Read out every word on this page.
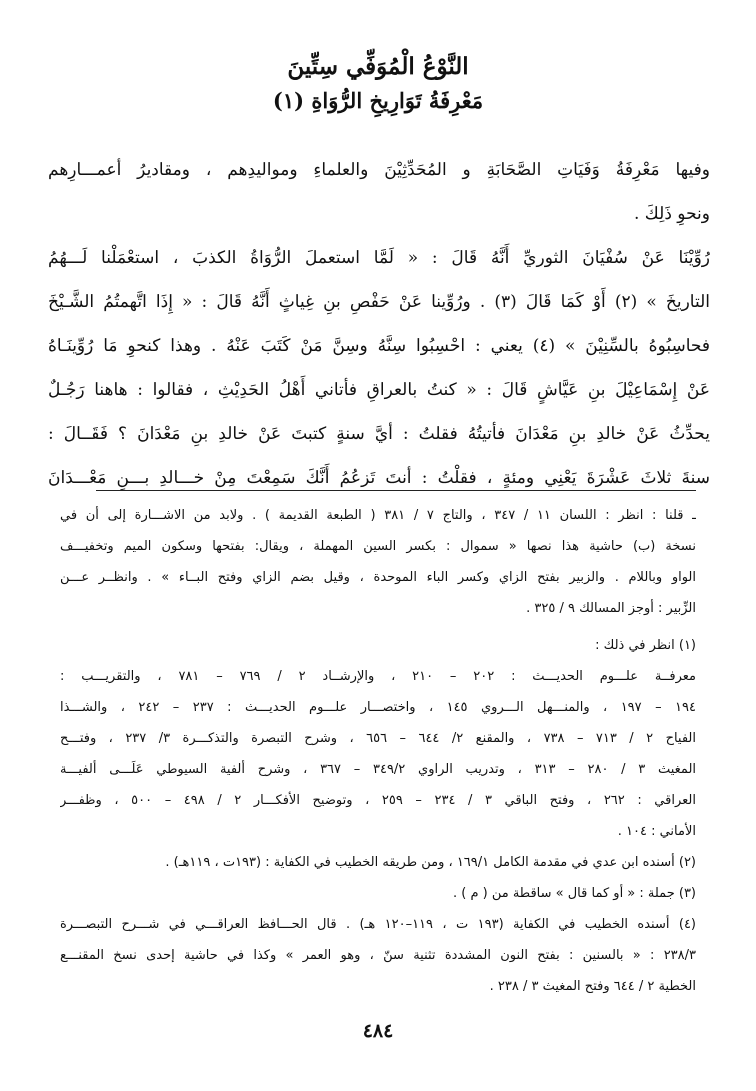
النَّوْعُ الْمُوَفِّي سِتِّينَ
مَعْرِفَةُ تَوَارِيخِ الرُّوَاةِ (١)
وفيها مَعْرِفَةُ وَفَيَاتِ الصَّحَابَةِ و المُحَدِّثِيْنَ والعلماءِ ومواليدِهم ، ومقاديرُ أعمـــارِهم
ونحوِ ذَلِكَ .
رُوِّيْنَا عَنْ سُفْيَانَ الثوريِّ أَنَّهُ قَالَ : « لَمَّا استعملَ الرُّوَاةُ الكذبَ ، استعْمَلْنا لَـــهُمُ
التاريخَ » (٢) أَوْ كَمَا قَالَ (٣) . ورُوِّينا عَنْ حَفْصِ بنِ غِياثٍ أَنَّهُ قَالَ : « إِذَا اتَّهمتُمُ الشَّـيْخَ
فحاسِبُوهُ بالسِّنِيْنَ » (٤) يعني : احْسِبُوا سِنَّهُ وسِنَّ مَنْ كَتَبَ عَنْهُ . وهذا كنحوِ مَا رُوِّينَـاهُ
عَنْ إِسْمَاعِيْلَ بنِ عَيَّاشٍ قَالَ : « كنتُ بالعراقِ فأتاني أَهْلُ الحَدِيْثِ ، فقالوا : هاهنا رَجُـلٌ
يحدِّثُ عَنْ خالدِ بنِ مَعْدَانَ فأتيتُهُ فقلتُ : أيَّ سنةٍ كتبتَ عَنْ خالدِ بنِ مَعْدَانَ ؟ فَقَــالَ :
سنةَ ثلاثَ عَشْرَةَ يَعْنِي ومئةٍ ، فقلْتُ : أنتَ تَزعُمُ أَنَّكَ سَمِعْتَ مِنْ خـــالدِ بـــنِ مَعْـــدَانَ
ـ قلنا : انظر : اللسان ١١ / ٣٤٧ ، والتاج ٧ / ٣٨١ ( الطبعة القديمة ) . ولابد من الاشـــارة إلى أن في
نسخة (ب) حاشية هذا نصها « سموال : بكسر السين المهملة ، ويقال: بفتحها وسكون الميم وتخفيـــف
الواو وباللام . والزبير بفتح الزاي وكسر الباء الموحدة ، وقيل بضم الزاي وفتح البــاء » . وانظــر عـــن
الزِّبير : أوجز المسالك ٩ / ٣٢٥ .
(١) انظر في ذلك :
معرفــة علـــوم الحديـــث : ٢٠٢ – ٢١٠ ، والإرشــاد ٢ / ٧٦٩ – ٧٨١ ، والتقريـــب :
١٩٤ – ١٩٧ ، والمنـــهل الـــروي ١٤٥ ، واختصـــار علـــوم الحديـــث : ٢٣٧ – ٢٤٢ ، والشـــذا
الفياح ٢ / ٧١٣ – ٧٣٨ ، والمقنع ٢/ ٦٤٤ – ٦٥٦ ، وشرح التبصرة والتذكـــرة ٣/ ٢٣٧ ، وفتـــح
المغيث ٣ / ٢٨٠ – ٣١٣ ، وتدريب الراوي ٣٤٩/٢ – ٣٦٧ ، وشرح ألفية السيوطي عَلَـــى ألفيـــة
العراقي : ٢٦٢ ، وفتح الباقي ٣ / ٢٣٤ – ٢٥٩ ، وتوضيح الأفكـــار ٢ / ٤٩٨ – ٥٠٠ ، وظفـــر
الأماني : ١٠٤ .
(٢) أسنده ابن عدي في مقدمة الكامل ١٦٩/١ ، ومن طريقه الخطيب في الكفاية : (١٩٣ت ، ١١٩هـ) .
(٣) جملة : « أو كما قال » ساقطة من ( م ) .
(٤) أسنده الخطيب في الكفاية (١٩٣ ت ، ١١٩–١٢٠ هـ) . قال الحـــافظ العراقـــي في شـــرح التبصـــرة
٢٣٨/٣ : « بالسنين : بفتح النون المشددة تثنية سنّ ، وهو العمر » وكذا في حاشية إحدى نسخ المقنـــع
الخطية ٢ / ٦٤٤ وفتح المغيث ٣ / ٢٣٨ .
٤٨٤
